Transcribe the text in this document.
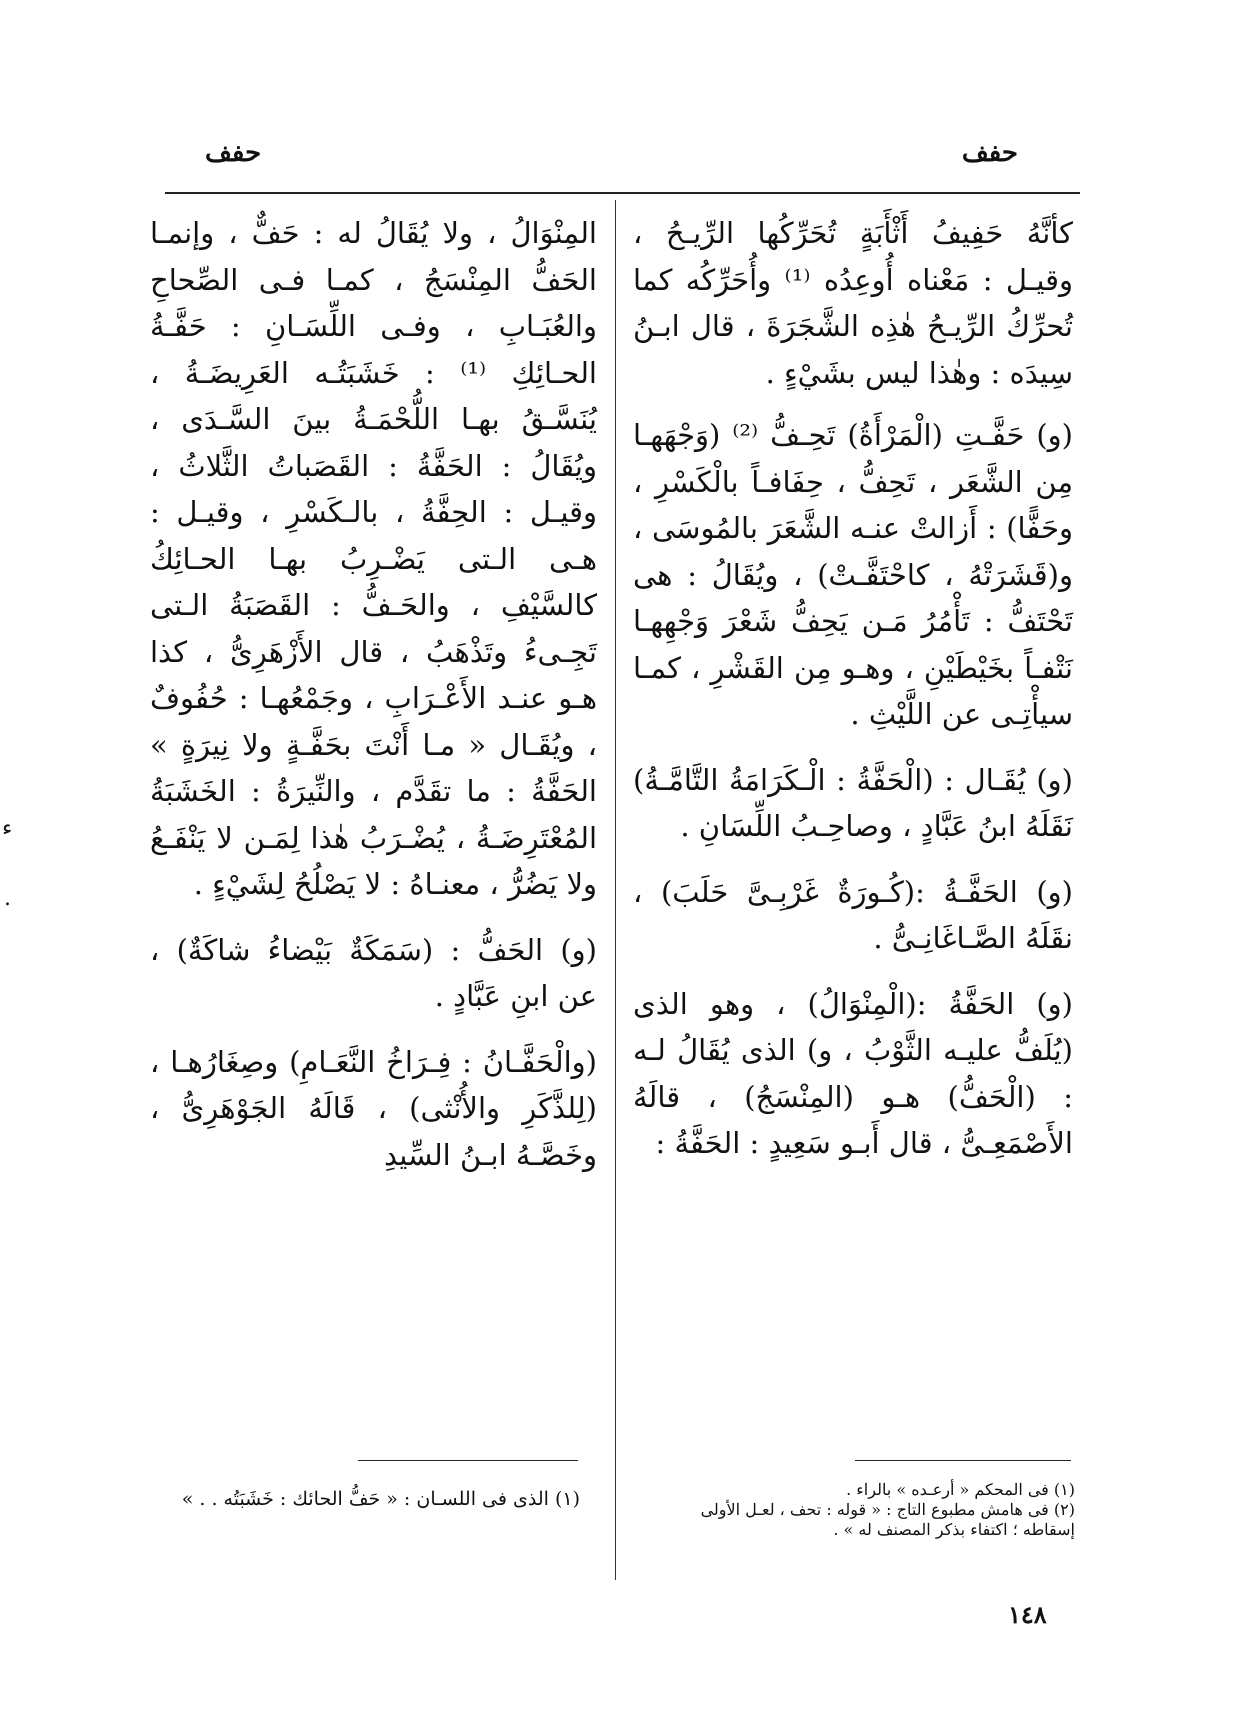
حفف
حفف

كأنَّهُ حَفِيفُ أَثْأَبَةٍ تُحَرِّكُها الرِّيـحُ ، وقيـل : مَعْناه أُوعِدُه ⁽¹⁾ وأُحَرِّكُه كما تُحرِّكُ الرِّيـحُ هٰذِه الشَّجَرَةَ ، قال ابـنُ سِيدَه : وهٰذا ليس بشَيْءٍ .

(و) حَفَّـتِ (الْمَرْأَةُ) تَحِـفُّ ⁽²⁾ (وَجْهَهـا مِن الشَّعَر ، تَحِفُّ ، حِفَافـاً بالْكَسْرِ ، وحَفًّا) : أَزالتْ عنـه الشَّعَرَ بالمُوسَى ، و(قَشَرَتْهُ ، كاحْتَفَّـتْ) ، ويُقَالُ : هى تَحْتَفُّ : تَأْمُرُ مَـن يَحِفُّ شَعْرَ وَجْهِهـا نَتْفـاً بخَيْطَيْنِ ، وهـو مِن القَشْرِ ، كمـا سيأْتِـى عن اللَّيْثِ .

(و) يُقَـال : (الْحَفَّةُ : الْـكَرَامَةُ التَّامَّـةُ) نَقَلَهُ ابنُ عَبَّادٍ ، وصاحِـبُ اللِّسَانِ .

(و) الحَفَّـةُ :(كُـورَةٌ غَرْبِـىَّ حَلَبَ) ، نقَلَهُ الصَّـاغَانِـىُّ .

(و) الحَفَّةُ :(الْمِنْوَالُ) ، وهو الذى (يُلَفُّ عليـه الثَّوْبُ ، و) الذى يُقَالُ لـه : (الْحَفُّ) هـو (المِنْسَجُ) ، قالَهُ الأَصْمَعِـىُّ ، قال أَبـو سَعِيدٍ : الحَفَّةُ :

المِنْوَالُ ، ولا يُقَالُ له : حَفٌّ ، وإنمـا الحَفُّ المِنْسَجُ ، كمـا فـى الصِّحاحِ والعُبَـابِ ، وفـى اللِّسَـانِ : حَفَّـةُ الحـائِكِ ⁽¹⁾ : خَشَبَتُـه العَرِيضَـةُ ، يُنَسَّـقُ بهـا اللُّحْمَـةُ بينَ السَّـدَى ، ويُقَالُ : الحَفَّةُ : القَصَباتُ الثَّلاثُ ، وقيـل : الحِفَّةُ ، بالـكَسْرِ ، وقيـل : هـى الـتى يَضْـرِبُ بهـا الحـائِكُ كالسَّيْفِ ، والحَـفُّ : القَصَبَةُ الـتى تَجِـىءُ وتَذْهَبُ ، قال الأَزْهَرِىُّ ، كذا هـو عنـد الأَعْـرَابِ ، وجَمْعُهـا : حُفُوفٌ ، ويُقَـال « مـا أَنْتَ بحَفَّـةٍ ولا نِيرَةٍ » الحَفَّةُ : ما تقَدَّم ، والنِّيرَةُ : الخَشَبَةُ المُعْتَرِضَـةُ ، يُضْـرَبُ هٰذا لِمَـن لا يَنْفَـعُ ولا يَضُرُّ ، معنـاهُ : لا يَصْلُحُ لِشَيْءٍ .

(و) الحَفُّ : (سَمَكَةٌ بَيْضاءُ شاكَةٌ) ، عن ابنِ عَبَّادٍ .

(والْحَفَّـانُ : فِـرَاخُ النَّعَـامِ) وصِغَارُهـا ، (لِلذَّكَرِ والأُنْثى) ، قَالَهُ الجَوْهَرِىُّ ، وخَصَّـهُ ابـنُ السِّيدِ

(١) فى المحكم « أرعـده » بالراء .
(٢) فى هامش مطبوع التاج : « قوله : تحف ، لعـل الأولى إسقاطه ؛ اكتفاء بذكر المصنف له » .
(١) الذى فى اللسـان : « حَفُّ الحائك : خَشَبَتُه . . »
١٤٨
ء
.
